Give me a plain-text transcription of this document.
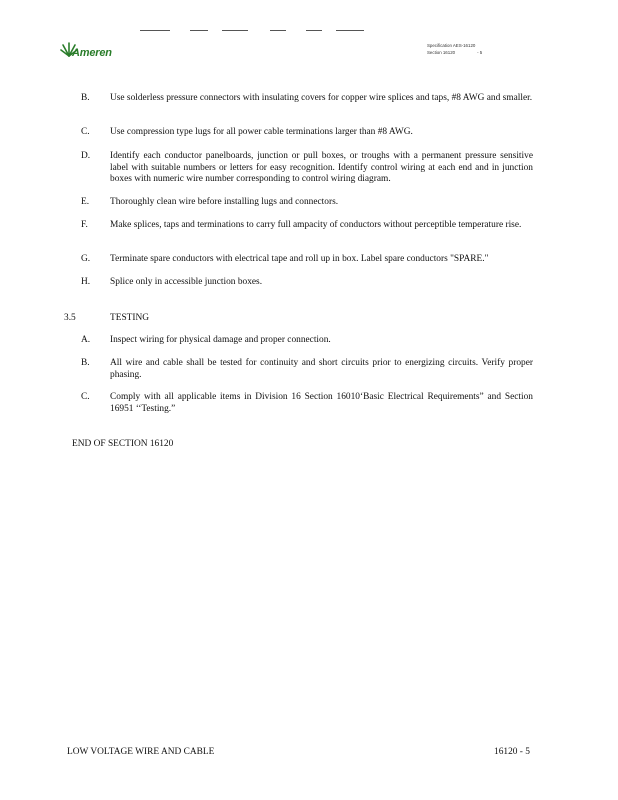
Ameren
Specification AES-16120
Section 16120	- 5
B. Use solderless pressure connectors with insulating covers for copper wire splices and taps, #8 AWG and smaller.
C. Use compression type lugs for all power cable terminations larger than #8 AWG.
D. Identify each conductor panelboards, junction or pull boxes, or troughs with a permanent pressure sensitive label with suitable numbers or letters for easy recognition. Identify control wiring at each end and in junction boxes with numeric wire number corresponding to control wiring diagram.
E. Thoroughly clean wire before installing lugs and connectors.
F. Make splices, taps and terminations to carry full ampacity of conductors without perceptible temperature rise.
G. Terminate spare conductors with electrical tape and roll up in box. Label spare conductors "SPARE."
H. Splice only in accessible junction boxes.
3.5	TESTING
A. Inspect wiring for physical damage and proper connection.
B. All wire and cable shall be tested for continuity and short circuits prior to energizing circuits. Verify proper phasing.
C. Comply with all applicable items in Division 16 Section 16010‘Basic Electrical Requirements” and Section 16951 ‘‘Testing.”
END OF SECTION 16120
LOW VOLTAGE WIRE AND CABLE	16120 - 5
